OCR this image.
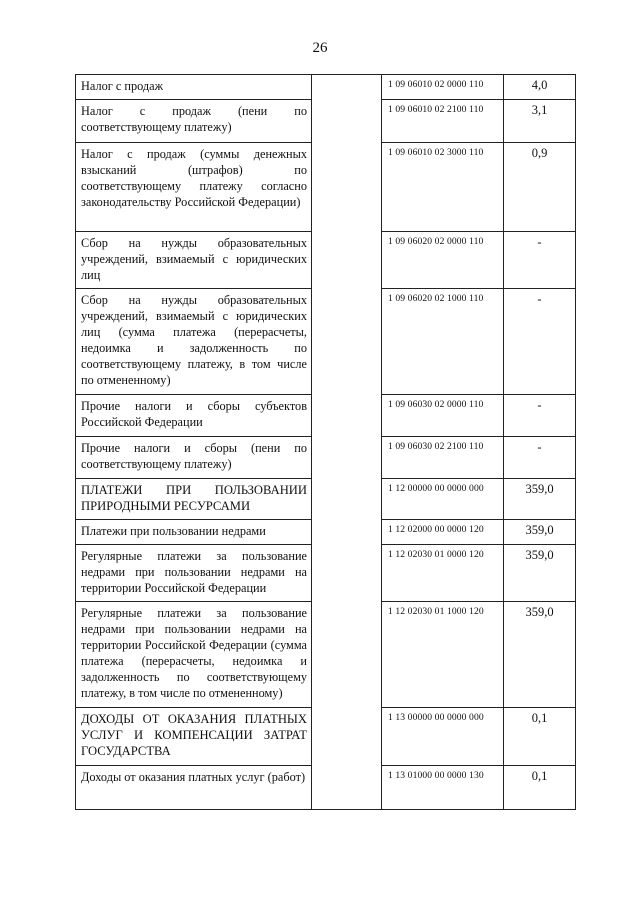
26
Налог с продаж		1 09 06010 02 0000 110	4,0
Налог с продаж (пени по соответствующему платежу)		1 09 06010 02 2100 110	3,1
Налог с продаж (суммы денежных взысканий (штрафов) по соответствующему платежу согласно законодательству Российской Федерации)		1 09 06010 02 3000 110	0,9
Сбор на нужды образовательных учреждений, взимаемый с юридических лиц		1 09 06020 02 0000 110	-
Сбор на нужды образовательных учреждений, взимаемый с юридических лиц (сумма платежа (перерасчеты, недоимка и задолженность по соответствующему платежу, в том числе по отмененному)		1 09 06020 02 1000 110	-
Прочие налоги и сборы субъектов Российской Федерации		1 09 06030 02 0000 110	-
Прочие налоги и сборы (пени по соответствующему платежу)		1 09 06030 02 2100 110	-
ПЛАТЕЖИ ПРИ ПОЛЬЗОВАНИИ ПРИРОДНЫМИ РЕСУРСАМИ		1 12 00000 00 0000 000	359,0
Платежи при пользовании недрами		1 12 02000 00 0000 120	359,0
Регулярные платежи за пользование недрами при пользовании недрами на территории Российской Федерации		1 12 02030 01 0000 120	359,0
Регулярные платежи за пользование недрами при пользовании недрами на территории Российской Федерации (сумма платежа (перерасчеты, недоимка и задолженность по соответствующему платежу, в том числе по отмененному)		1 12 02030 01 1000 120	359,0
ДОХОДЫ ОТ ОКАЗАНИЯ ПЛАТНЫХ УСЛУГ И КОМПЕНСАЦИИ ЗАТРАТ ГОСУДАРСТВА		1 13 00000 00 0000 000	0,1
Доходы от оказания платных услуг (работ)		1 13 01000 00 0000 130	0,1
